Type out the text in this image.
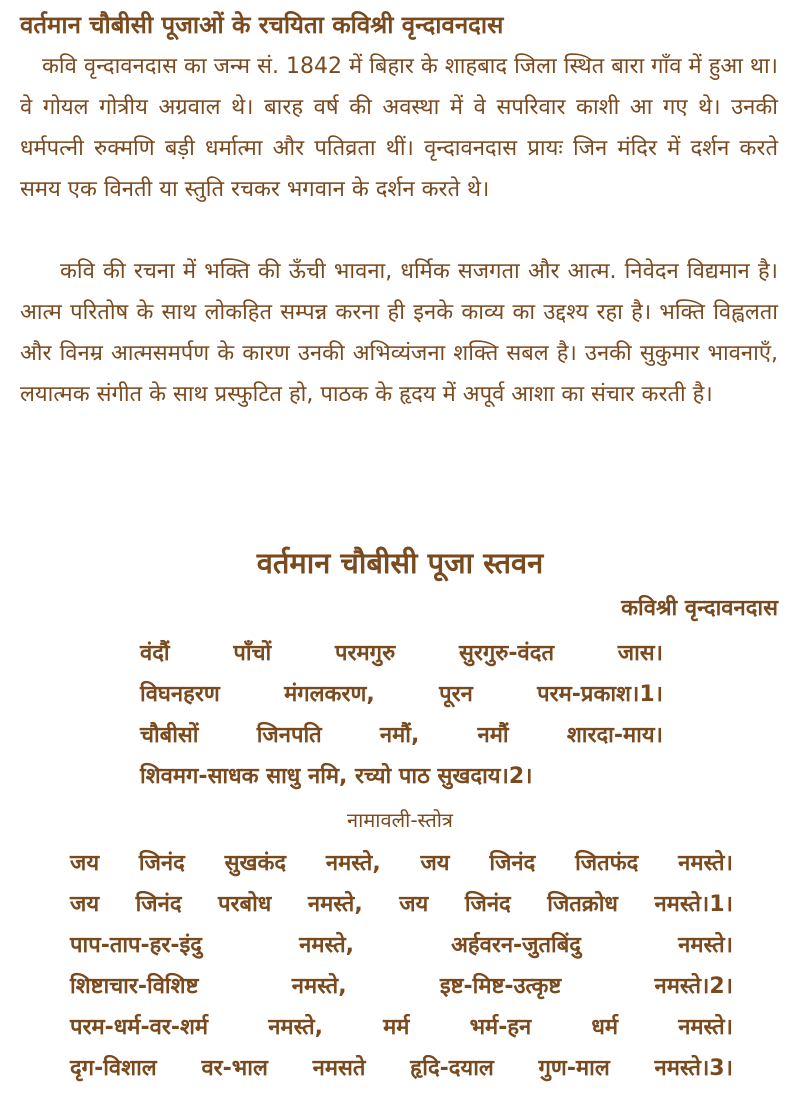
वर्तमान चौबीसी पूजाओं के रचयिता कविश्री वृन्दावनदास
कवि वृन्दावनदास का जन्म सं. 1842 में बिहार के शाहबाद जिला स्थित बारा गाँव में हुआ था। वे गोयल गोत्रीय अग्रवाल थे। बारह वर्ष की अवस्था में वे सपरिवार काशी आ गए थे। उनकी धर्मपत्नी रुक्मणि बड़ी धर्मात्मा और पतिव्रता थीं। वृन्दावनदास प्रायः जिन मंदिर में दर्शन करते समय एक विनती या स्तुति रचकर भगवान के दर्शन करते थे।
कवि की रचना में भक्ति की ऊँची भावना, धर्मिक सजगता और आत्म. निवेदन विद्यमान है। आत्म परितोष के साथ लोकहित सम्पन्न करना ही इनके काव्य का उद्दश्य रहा है। भक्ति विह्वलता और विनम्र आत्मसमर्पण के कारण उनकी अभिव्यंजना शक्ति सबल है। उनकी सुकुमार भावनाएँ, लयात्मक संगीत के साथ प्रस्फुटित हो, पाठक के हृदय में अपूर्व आशा का संचार करती है।
वर्तमान चौबीसी पूजा स्तवन
कविश्री वृन्दावनदास
वंदौं	पाँचों	परमगुरु	सुरगुरु-वंदत	जास।
विघनहरण	मंगलकरण,	पूरन	परम-प्रकाश।1।
चौबीसों	जिनपति	नमौं,	नमौं	शारदा-माय।
शिवमग-साधक साधु नमि, रच्यो पाठ सुखदाय।2।
नामावली-स्तोत्र
जय जिनंद सुखकंद नमस्ते, जय जिनंद जितफंद नमस्ते।
जय जिनंद परबोध नमस्ते, जय जिनंद जितक्रोध नमस्ते।1।
पाप-ताप-हर-इंदु	नमस्ते,	अर्हवरन-जुतबिंदु	नमस्ते।
शिष्टाचार-विशिष्ट	नमस्ते,	इष्ट-मिष्ट-उत्कृष्ट	नमस्ते।2।
परम-धर्म-वर-शर्म	नमस्ते,	मर्म	भर्म-हन	धर्म	नमस्ते।
दृग-विशाल वर-भाल नमसते हृदि-दयाल गुण-माल नमस्ते।3।
